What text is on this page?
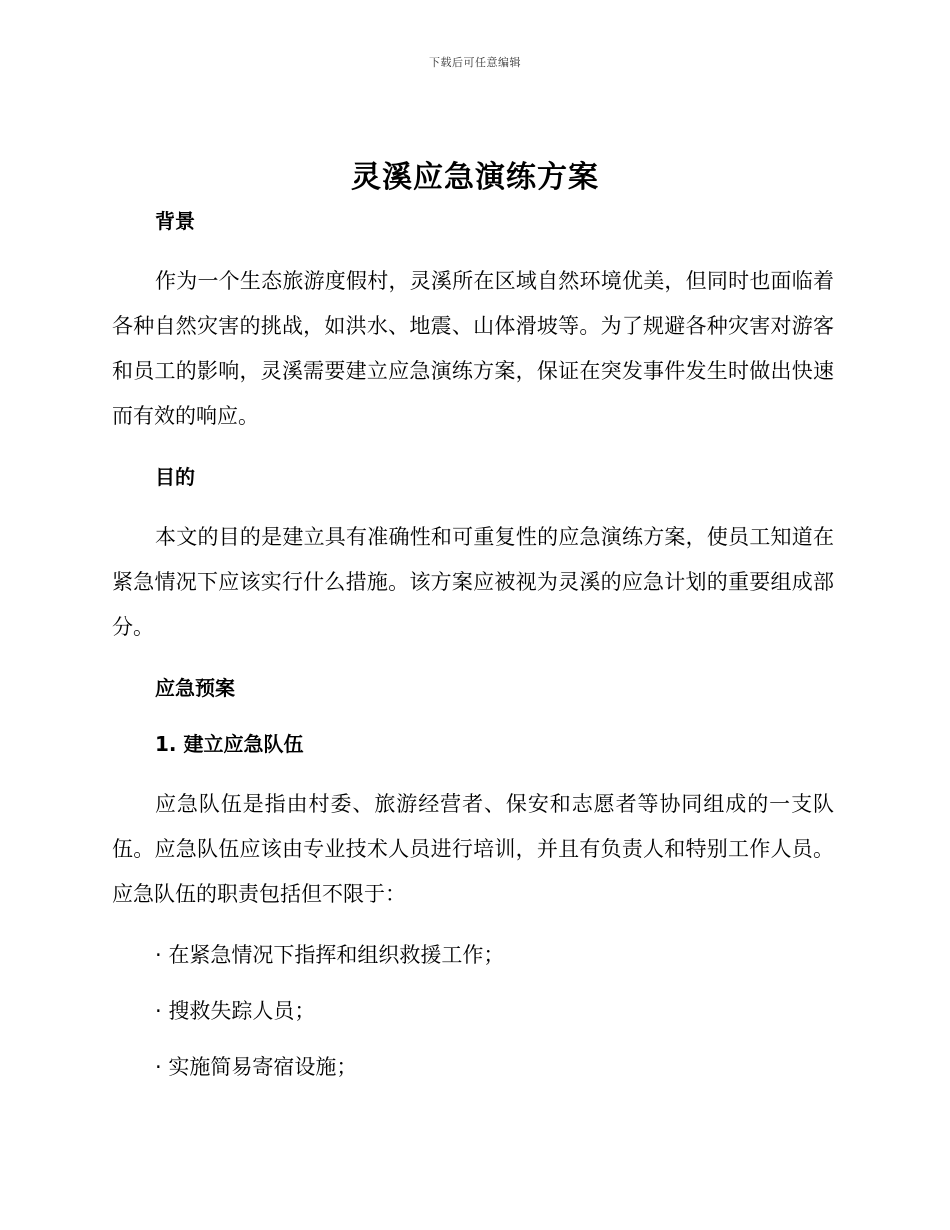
下载后可任意编辑
灵溪应急演练方案
背景

作为一个生态旅游度假村，灵溪所在区域自然环境优美，但同时也面临着各种自然灾害的挑战，如洪水、地震、山体滑坡等。为了规避各种灾害对游客和员工的影响，灵溪需要建立应急演练方案，保证在突发事件发生时做出快速而有效的响应。

目的

本文的目的是建立具有准确性和可重复性的应急演练方案，使员工知道在紧急情况下应该实行什么措施。该方案应被视为灵溪的应急计划的重要组成部分。

应急预案
1. 建立应急队伍

应急队伍是指由村委、旅游经营者、保安和志愿者等协同组成的一支队伍。应急队伍应该由专业技术人员进行培训，并且有负责人和特别工作人员。应急队伍的职责包括但不限于：

· 在紧急情况下指挥和组织救援工作；

· 搜救失踪人员；

· 实施简易寄宿设施；
